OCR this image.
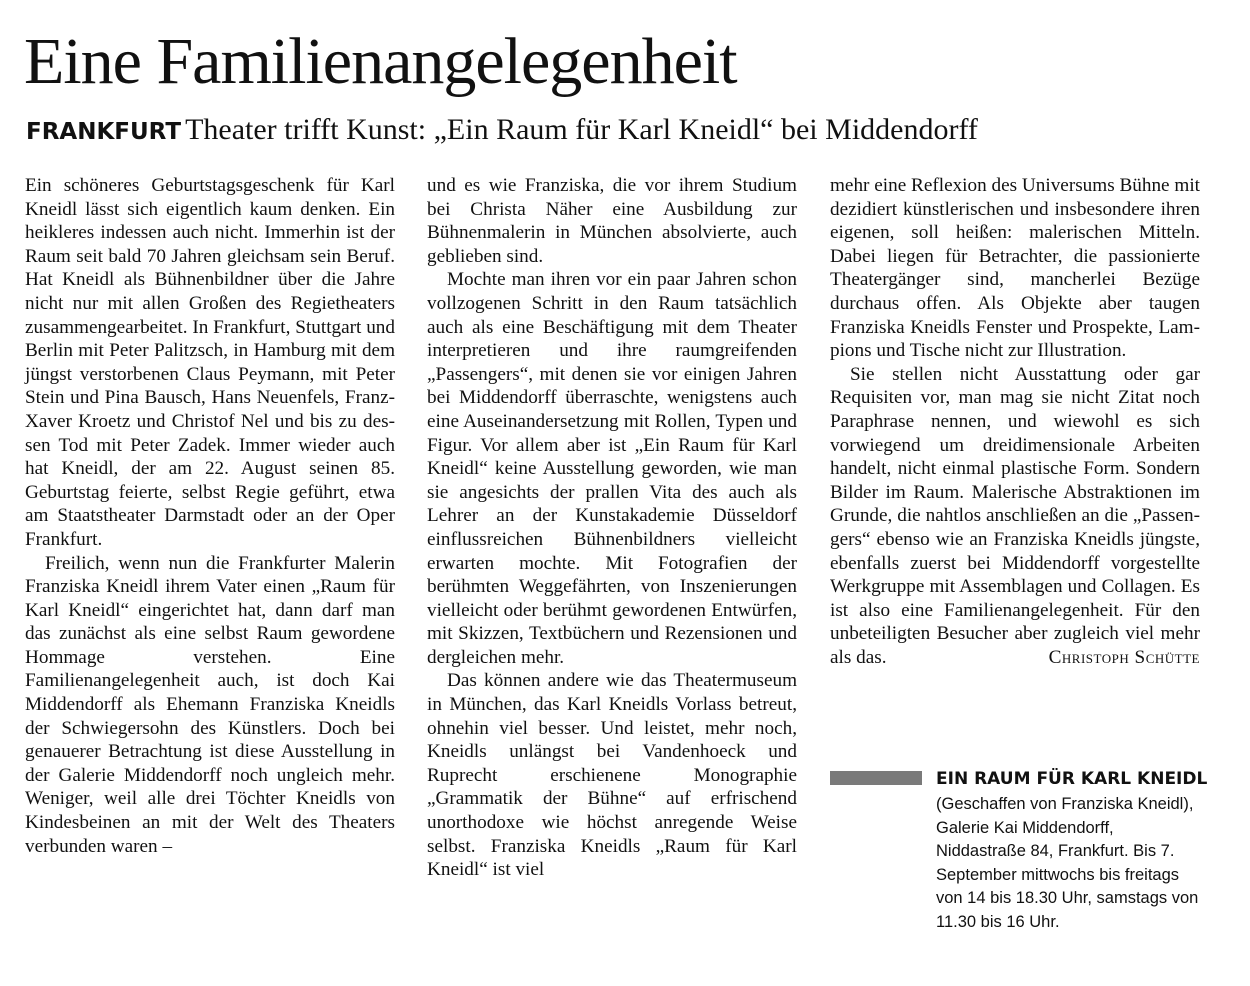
Eine Familienangelegenheit
FRANKFURT Theater trifft Kunst: „Ein Raum für Karl Kneidl“ bei Middendorff

Ein schöneres Geburtstagsgeschenk für Karl Kneidl lässt sich eigentlich kaum denken. Ein heikleres indessen auch nicht. Immerhin ist der Raum seit bald 70 Jahren gleichsam sein Beruf. Hat Kneidl als Bühnenbildner über die Jahre nicht nur mit allen Großen des Regietheaters zusammengearbeitet. In Frankfurt, Stuttgart und Berlin mit Peter Palitzsch, in Hamburg mit dem jüngst verstorbenen Claus Peymann, mit Peter Stein und Pina Bausch, Hans Neuenfels, Franz-Xaver Kroetz und Christof Nel und bis zu dessen Tod mit Peter Zadek. Immer wieder auch hat Kneidl, der am 22. August seinen 85. Geburtstag feierte, selbst Regie geführt, etwa am Staatstheater Darmstadt oder an der Oper Frankfurt.

Freilich, wenn nun die Frankfurter Malerin Franziska Kneidl ihrem Vater einen „Raum für Karl Kneidl“ eingerichtet hat, dann darf man das zunächst als eine selbst Raum gewordene Hommage verstehen. Eine Familienangelegenheit auch, ist doch Kai Middendorff als Ehemann Franziska Kneidls der Schwiegersohn des Künstlers. Doch bei genauerer Betrachtung ist diese Ausstellung in der Galerie Middendorff noch ungleich mehr. Weniger, weil alle drei Töchter Kneidls von Kindesbeinen an mit der Welt des Theaters verbunden waren –

und es wie Franziska, die vor ihrem Studium bei Christa Näher eine Ausbildung zur Bühnenmalerin in München absolvierte, auch geblieben sind.

Mochte man ihren vor ein paar Jahren schon vollzogenen Schritt in den Raum tatsächlich auch als eine Beschäftigung mit dem Theater interpretieren und ihre raumgreifenden „Passengers“, mit denen sie vor einigen Jahren bei Middendorff überraschte, wenigstens auch eine Auseinandersetzung mit Rollen, Typen und Figur. Vor allem aber ist „Ein Raum für Karl Kneidl“ keine Ausstellung geworden, wie man sie angesichts der prallen Vita des auch als Lehrer an der Kunstakademie Düsseldorf einflussreichen Bühnenbildners vielleicht erwarten mochte. Mit Fotografien der berühmten Weggefährten, von Inszenierungen vielleicht oder berühmt gewordenen Entwürfen, mit Skizzen, Textbüchern und Rezensionen und dergleichen mehr.

Das können andere wie das Theatermuseum in München, das Karl Kneidls Vorlass betreut, ohnehin viel besser. Und leistet, mehr noch, Kneidls unlängst bei Vandenhoeck und Ruprecht erschienene Monographie „Grammatik der Bühne“ auf erfrischend unorthodoxe wie höchst anregende Weise selbst. Franziska Kneidls „Raum für Karl Kneidl“ ist viel

mehr eine Reflexion des Universums Bühne mit dezidiert künstlerischen und insbesondere ihren eigenen, soll heißen: malerischen Mitteln. Dabei liegen für Betrachter, die passionierte Theatergänger sind, mancherlei Bezüge durchaus offen. Als Objekte aber taugen Franziska Kneidls Fenster und Prospekte, Lampions und Tische nicht zur Illustration.

Sie stellen nicht Ausstattung oder gar Requisiten vor, man mag sie nicht Zitat noch Paraphrase nennen, und wiewohl es sich vorwiegend um dreidimensionale Arbeiten handelt, nicht einmal plastische Form. Sondern Bilder im Raum. Malerische Abstraktionen im Grunde, die nahtlos anschließen an die „Passengers“ ebenso wie an Franziska Kneidls jüngste, ebenfalls zuerst bei Middendorff vorgestellte Werkgruppe mit Assemblagen und Collagen. Es ist also eine Familienangelegenheit. Für den unbeteiligten Besucher aber zugleich viel mehr als das.	Christoph Schütte

EIN RAUM FÜR KARL KNEIDL
(Geschaffen von Franziska Kneidl), Galerie Kai Middendorff, Niddastraße 84, Frankfurt. Bis 7. September mittwochs bis freitags von 14 bis 18.30 Uhr, samstags von 11.30 bis 16 Uhr.
